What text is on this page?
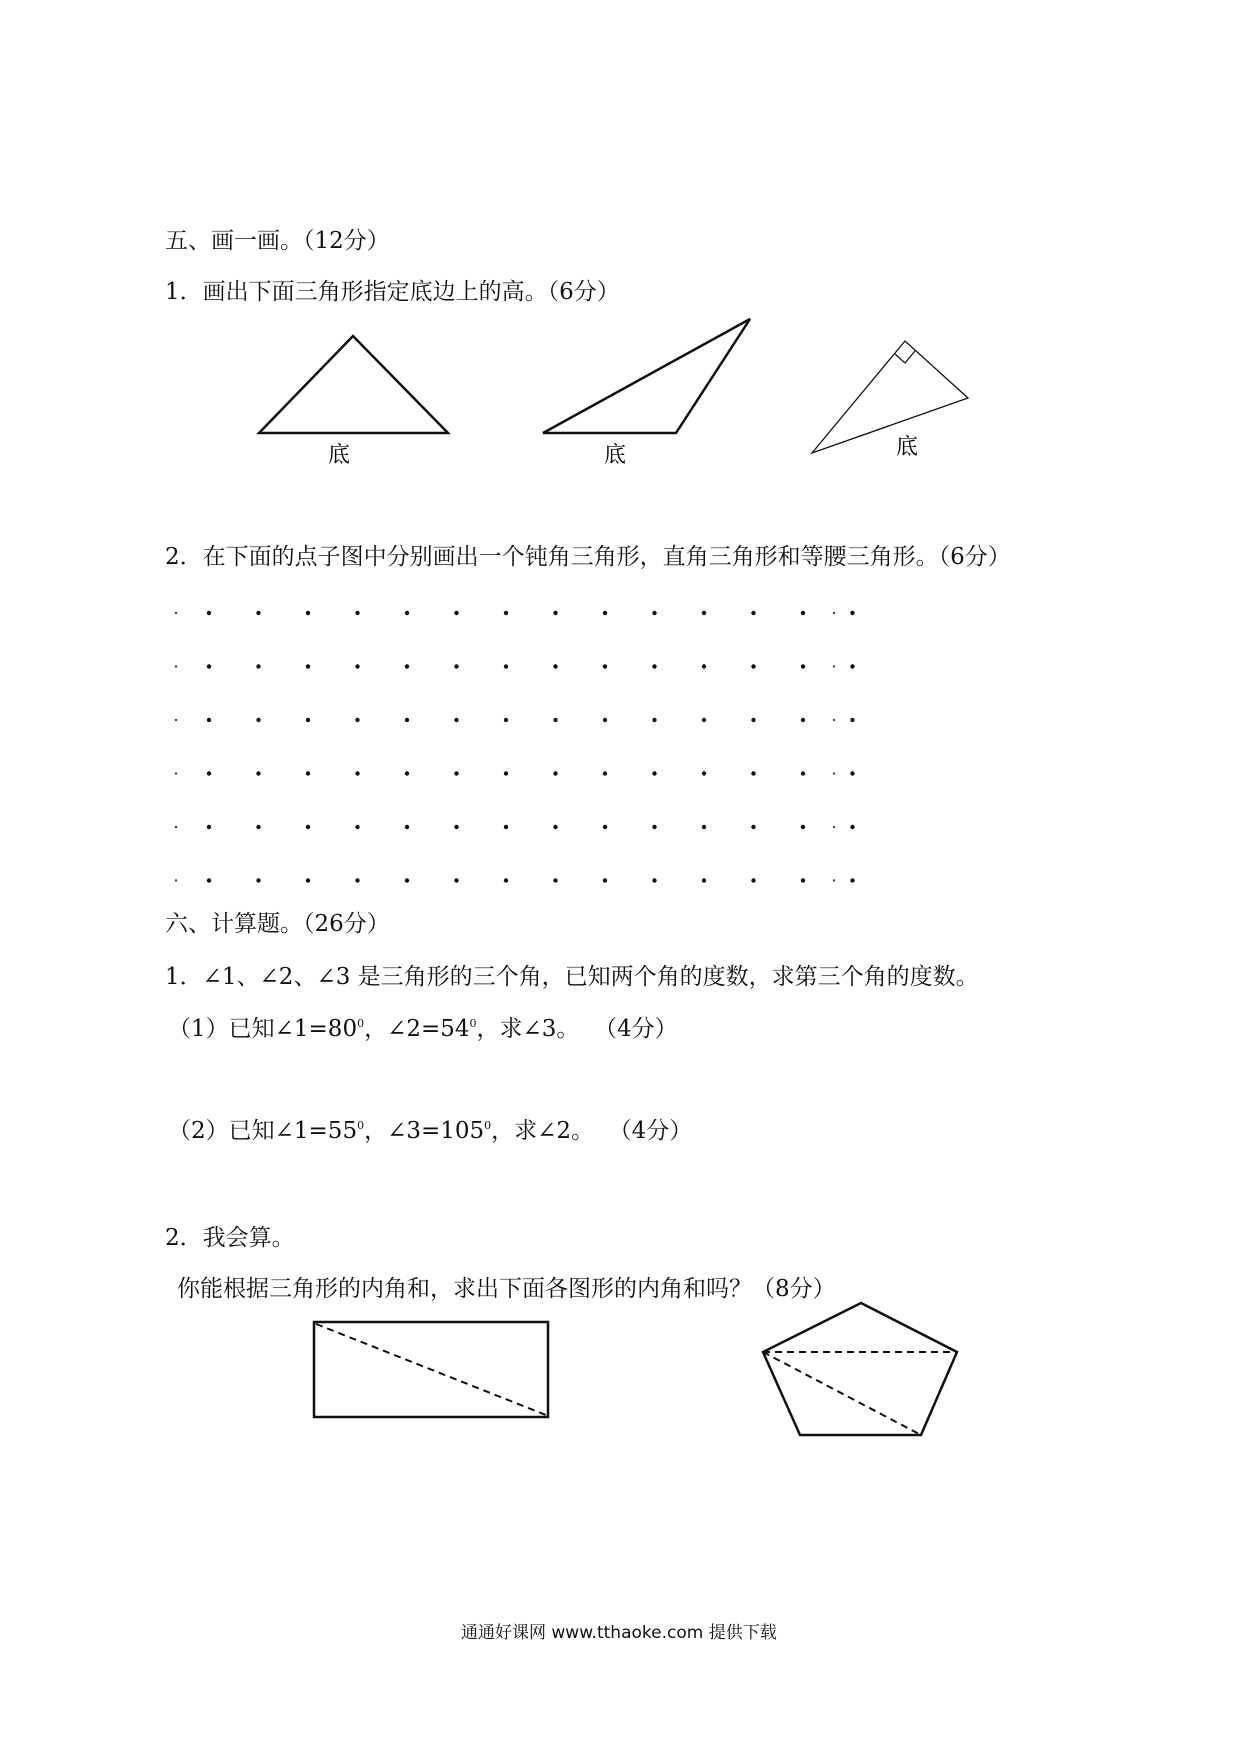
五、画一画。（12分）
1．画出下面三角形指定底边上的高。（6分）
底	底	底
2．在下面的点子图中分别画出一个钝角三角形，直角三角形和等腰三角形。（6分）
六、计算题。（26分）
1．∠1、∠2、∠3 是三角形的三个角，已知两个角的度数，求第三个角的度数。
（1）已知$\angle 1=80^0$，$\angle 2=54^0$，求∠3。 （4分）
（2）已知$\angle 1=55^0$，$\angle 3=105^0$，求∠2。 （4分）
2．我会算。
你能根据三角形的内角和，求出下面各图形的内角和吗？（8分）
通通好课网 www.tthaoke.com 提供下载
